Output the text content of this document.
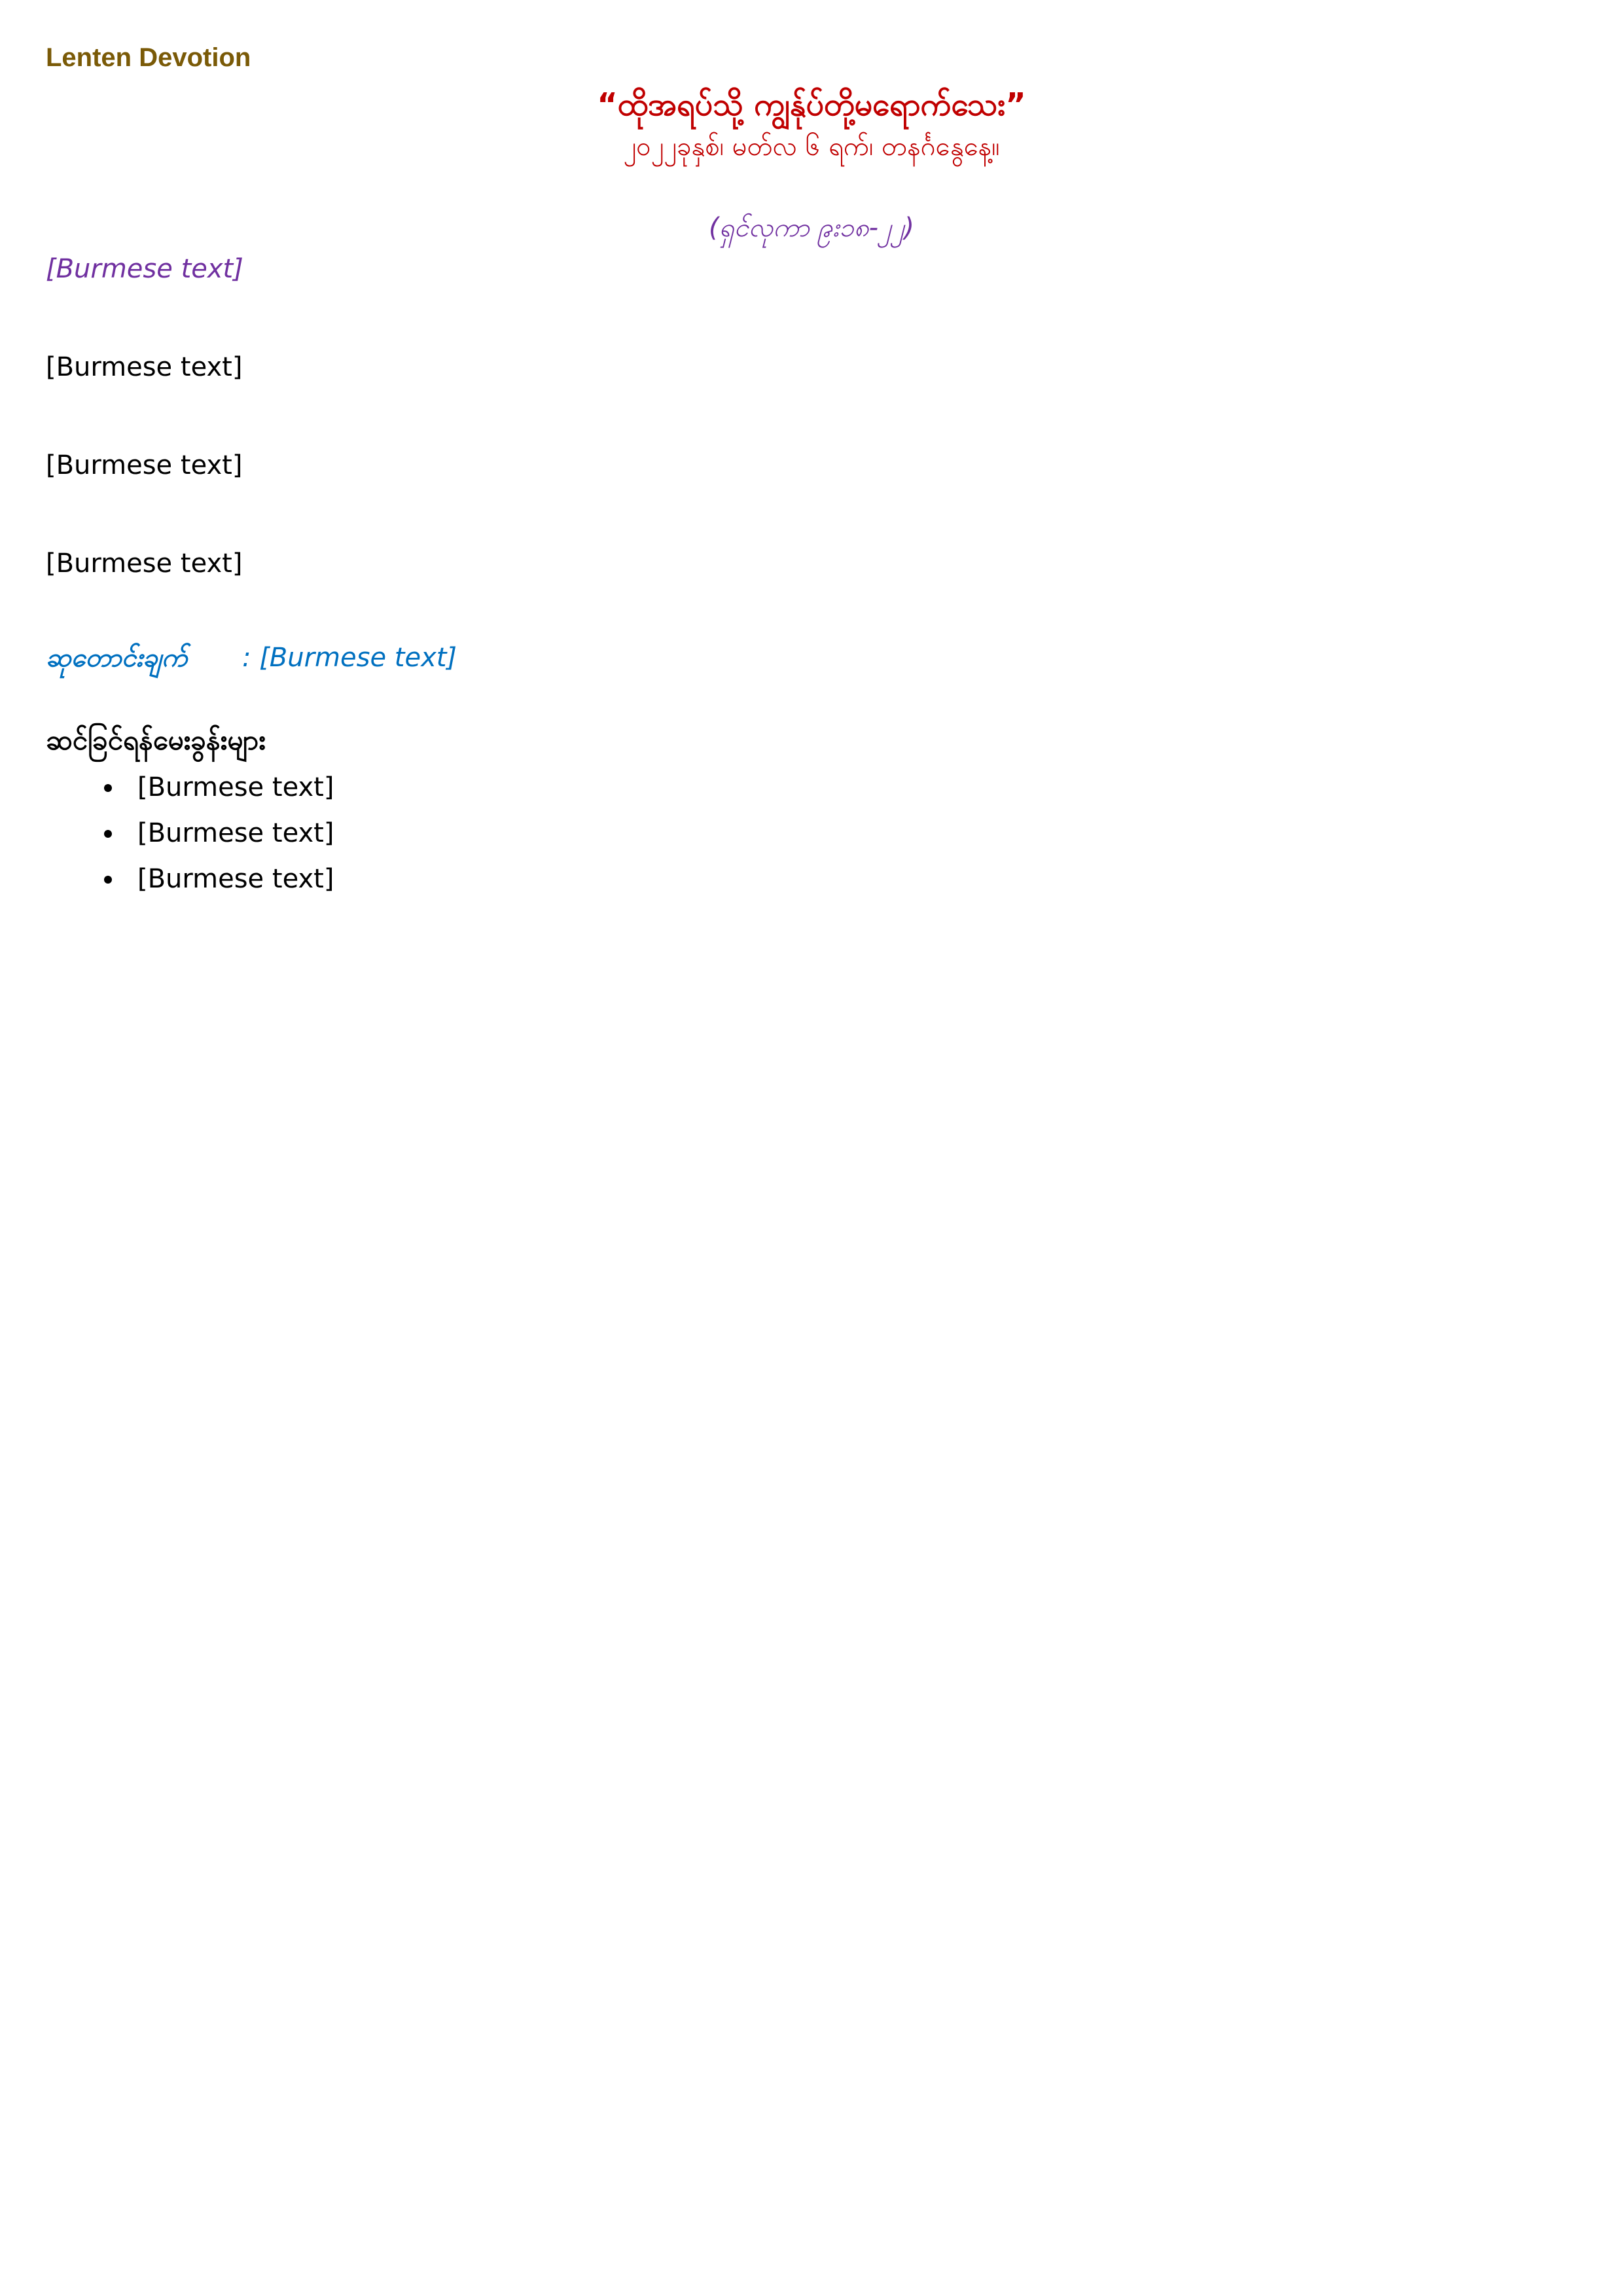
Lenten Devotion

“ထိုအရပ်သို့ ကျွန်ုပ်တို့မရောက်သေး”

၂၀၂၂ခုနှစ်၊ မတ်လ ၆ ရက်၊ တနင်္ဂနွေနေ့။

(ရှင်လုကာ ၉း၁၈-၂၂)

[Burmese text]

[Burmese text]

[Burmese text]

[Burmese text]

ဆုတောင်းချက် : [Burmese text]

ဆင်ခြင်ရန်မေးခွန်းများ

• [Burmese text]
• [Burmese text]
• [Burmese text]
